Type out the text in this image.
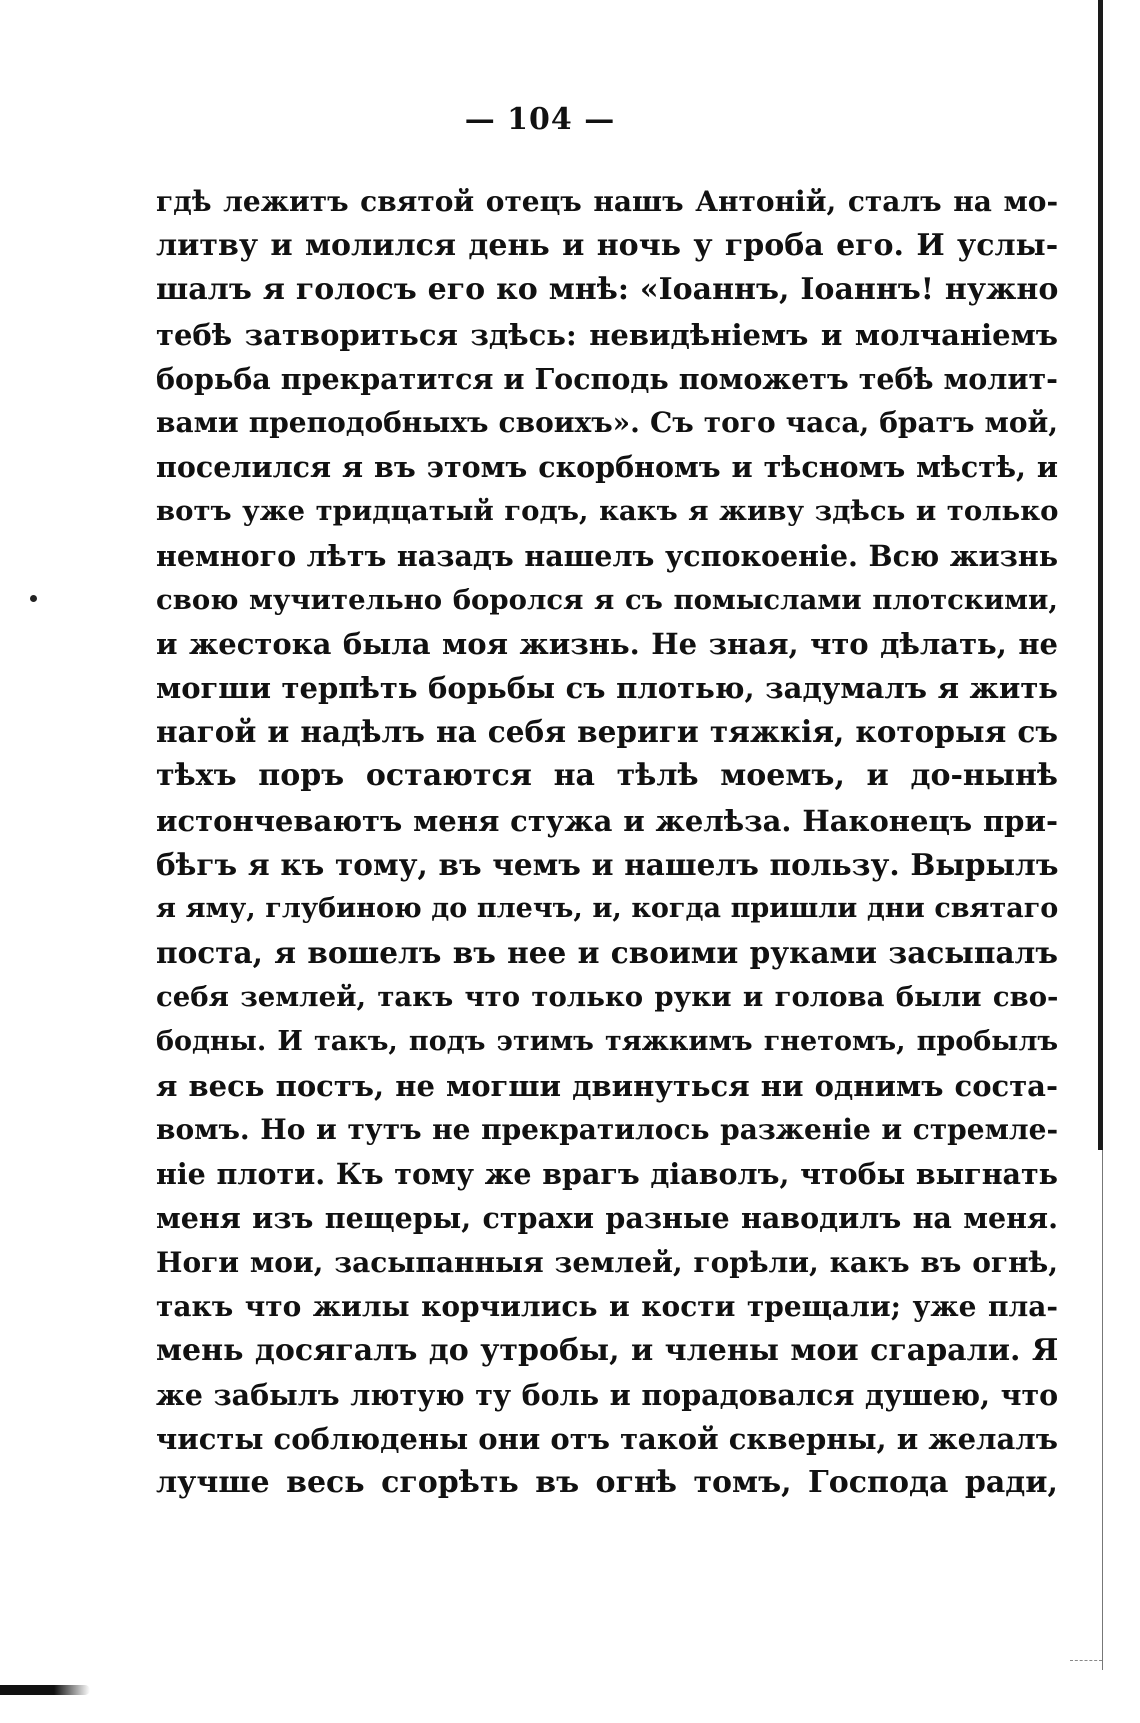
— 104 —
гдѣ лежитъ святой отецъ нашъ Антоній, сталъ на мо-
литву и молился день и ночь у гроба его. И услы-
шалъ я голосъ его ко мнѣ: «Іоаннъ, Іоаннъ! нужно
тебѣ затвориться здѣсь: невидѣніемъ и молчаніемъ
борьба прекратится и Господь поможетъ тебѣ молит-
вами преподобныхъ своихъ». Съ того часа, братъ мой,
поселился я въ этомъ скорбномъ и тѣсномъ мѣстѣ, и
вотъ уже тридцатый годъ, какъ я живу здѣсь и только
немного лѣтъ назадъ нашелъ успокоеніе. Всю жизнь
свою мучительно боролся я съ помыслами плотскими,
и жестока была моя жизнь. Не зная, что дѣлать, не
могши терпѣть борьбы съ плотью, задумалъ я жить
нагой и надѣлъ на себя вериги тяжкія, которыя съ
тѣхъ поръ остаются на тѣлѣ моемъ, и до-нынѣ
истончеваютъ меня стужа и желѣза. Наконецъ при-
бѣгъ я къ тому, въ чемъ и нашелъ пользу. Вырылъ
я яму, глубиною до плечъ, и, когда пришли дни святаго
поста, я вошелъ въ нее и своими руками засыпалъ
себя землей, такъ что только руки и голова были сво-
бодны. И такъ, подъ этимъ тяжкимъ гнетомъ, пробылъ
я весь постъ, не могши двинуться ни однимъ соста-
вомъ. Но и тутъ не прекратилось разженіе и стремле-
ніе плоти. Къ тому же врагъ діаволъ, чтобы выгнать
меня изъ пещеры, страхи разные наводилъ на меня.
Ноги мои, засыпанныя землей, горѣли, какъ въ огнѣ,
такъ что жилы корчились и кости трещали; уже пла-
мень досягалъ до утробы, и члены мои сгарали. Я
же забылъ лютую ту боль и порадовался душею, что
чисты соблюдены они отъ такой скверны, и желалъ
лучше весь сгорѣть въ огнѣ томъ, Господа ради,
